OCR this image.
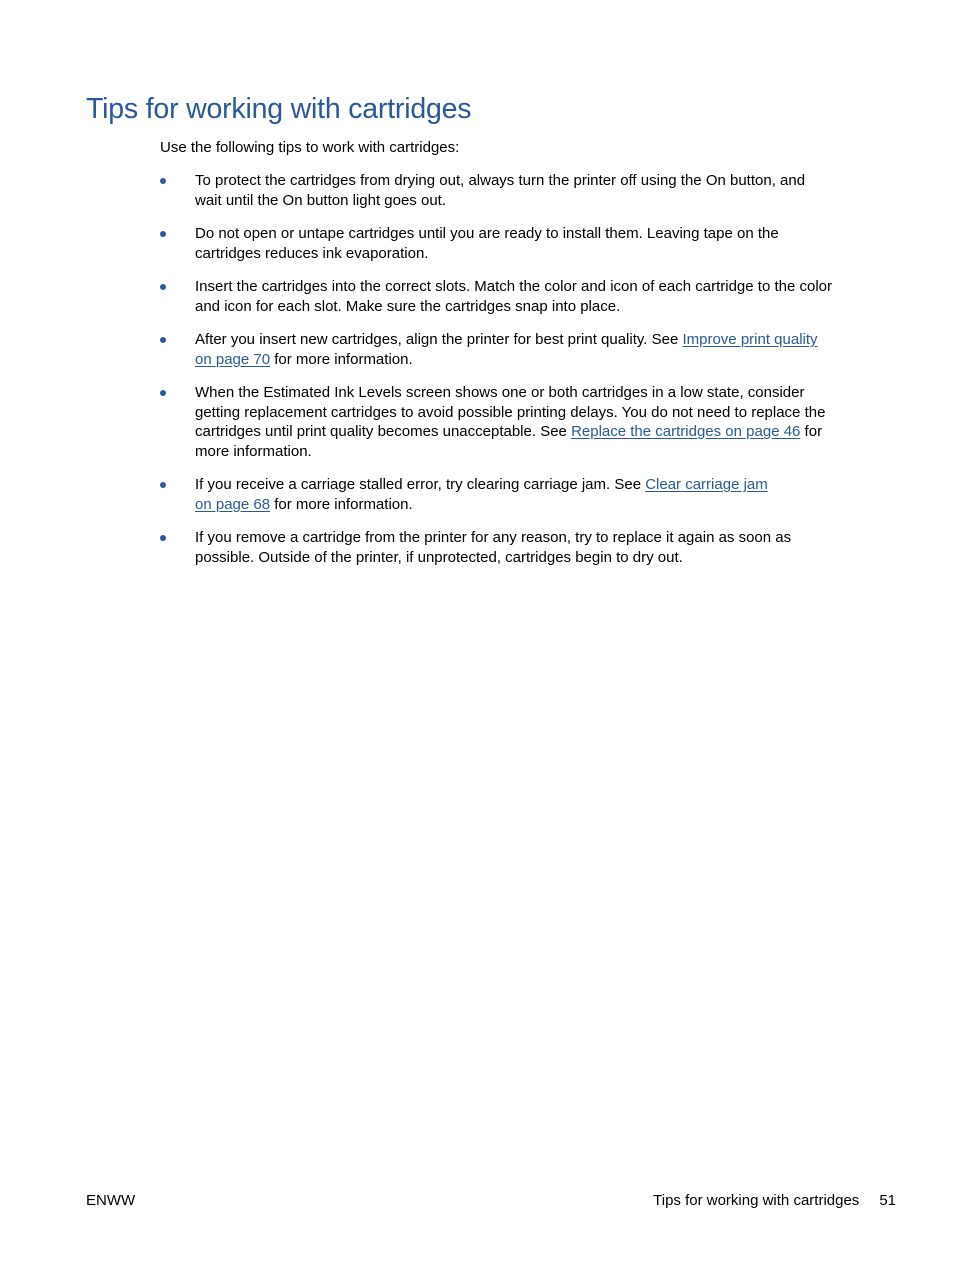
Tips for working with cartridges

Use the following tips to work with cartridges:

To protect the cartridges from drying out, always turn the printer off using the On button, and
wait until the On button light goes out.
Do not open or untape cartridges until you are ready to install them. Leaving tape on the
cartridges reduces ink evaporation.
Insert the cartridges into the correct slots. Match the color and icon of each cartridge to the color
and icon for each slot. Make sure the cartridges snap into place.
After you insert new cartridges, align the printer for best print quality. See Improve print quality
on page 70 for more information.
When the Estimated Ink Levels screen shows one or both cartridges in a low state, consider
getting replacement cartridges to avoid possible printing delays. You do not need to replace the
cartridges until print quality becomes unacceptable. See Replace the cartridges on page 46 for
more information.
If you receive a carriage stalled error, try clearing carriage jam. See Clear carriage jam
on page 68 for more information.
If you remove a cartridge from the printer for any reason, try to replace it again as soon as
possible. Outside of the printer, if unprotected, cartridges begin to dry out.
ENWW	Tips for working with cartridges 51
